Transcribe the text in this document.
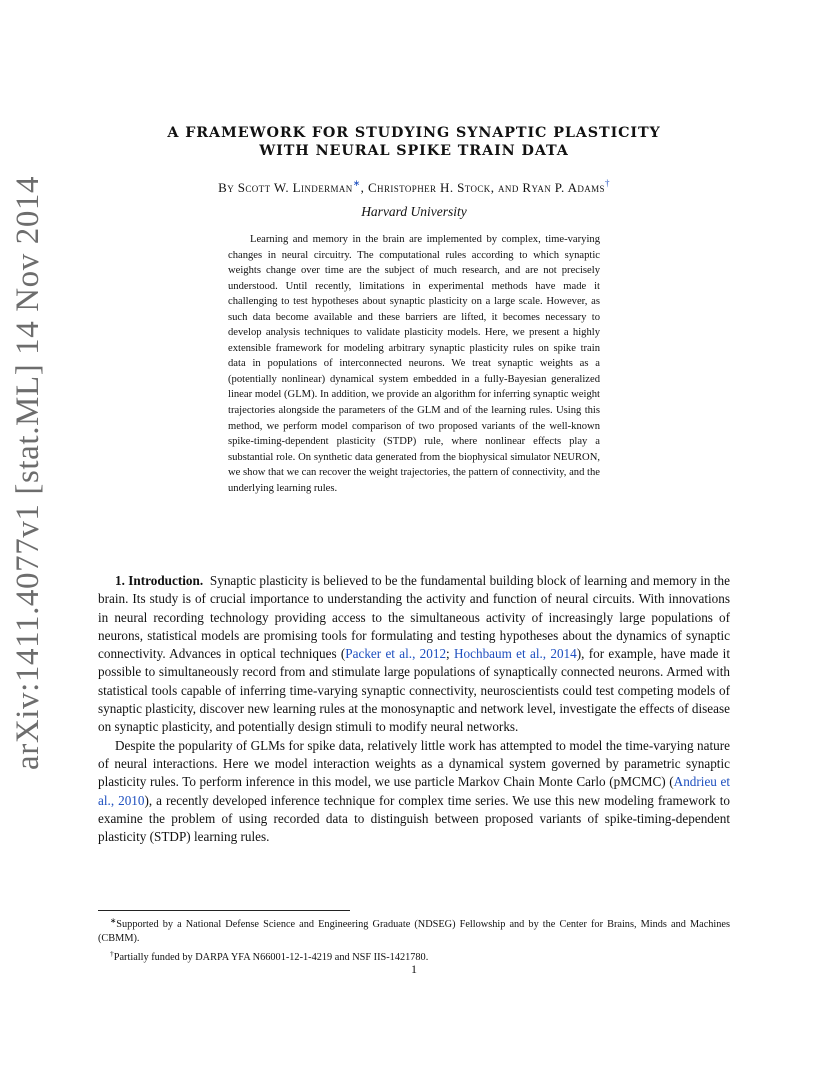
arXiv:1411.4077v1 [stat.ML] 14 Nov 2014
A FRAMEWORK FOR STUDYING SYNAPTIC PLASTICITY
WITH NEURAL SPIKE TRAIN DATA
By Scott W. Linderman∗, Christopher H. Stock, and Ryan P. Adams†
Harvard University
Learning and memory in the brain are implemented by complex, time-varying changes in neural circuitry. The computational rules according to which synaptic weights change over time are the subject of much research, and are not precisely understood. Until recently, limitations in experimental methods have made it challenging to test hypotheses about synaptic plasticity on a large scale. However, as such data become available and these barriers are lifted, it becomes necessary to develop analysis techniques to validate plasticity models. Here, we present a highly extensible framework for modeling arbitrary synaptic plasticity rules on spike train data in populations of interconnected neurons. We treat synaptic weights as a (potentially nonlinear) dynamical system embedded in a fully-Bayesian generalized linear model (GLM). In addition, we provide an algorithm for inferring synaptic weight trajectories alongside the parameters of the GLM and of the learning rules. Using this method, we perform model comparison of two proposed variants of the well-known spike-timing-dependent plasticity (STDP) rule, where nonlinear effects play a substantial role. On synthetic data generated from the biophysical simulator NEURON, we show that we can recover the weight trajectories, the pattern of connectivity, and the underlying learning rules.

1. Introduction. Synaptic plasticity is believed to be the fundamental building block of learning and memory in the brain. Its study is of crucial importance to understanding the activity and function of neural circuits. With innovations in neural recording technology providing access to the simultaneous activity of increasingly large populations of neurons, statistical models are promising tools for formulating and testing hypotheses about the dynamics of synaptic connectivity. Advances in optical techniques (Packer et al., 2012; Hochbaum et al., 2014), for example, have made it possible to simultaneously record from and stimulate large populations of synaptically connected neurons. Armed with statistical tools capable of inferring time-varying synaptic connectivity, neuroscientists could test competing models of synaptic plasticity, discover new learning rules at the monosynaptic and network level, investigate the effects of disease on synaptic plasticity, and potentially design stimuli to modify neural networks.

Despite the popularity of GLMs for spike data, relatively little work has attempted to model the time-varying nature of neural interactions. Here we model interaction weights as a dynamical system governed by parametric synaptic plasticity rules. To perform inference in this model, we use particle Markov Chain Monte Carlo (pMCMC) (Andrieu et al., 2010), a recently developed inference technique for complex time series. We use this new modeling framework to examine the problem of using recorded data to distinguish between proposed variants of spike-timing-dependent plasticity (STDP) learning rules.

∗Supported by a National Defense Science and Engineering Graduate (NDSEG) Fellowship and by the Center for Brains, Minds and Machines (CBMM).

†Partially funded by DARPA YFA N66001-12-1-4219 and NSF IIS-1421780.

1
